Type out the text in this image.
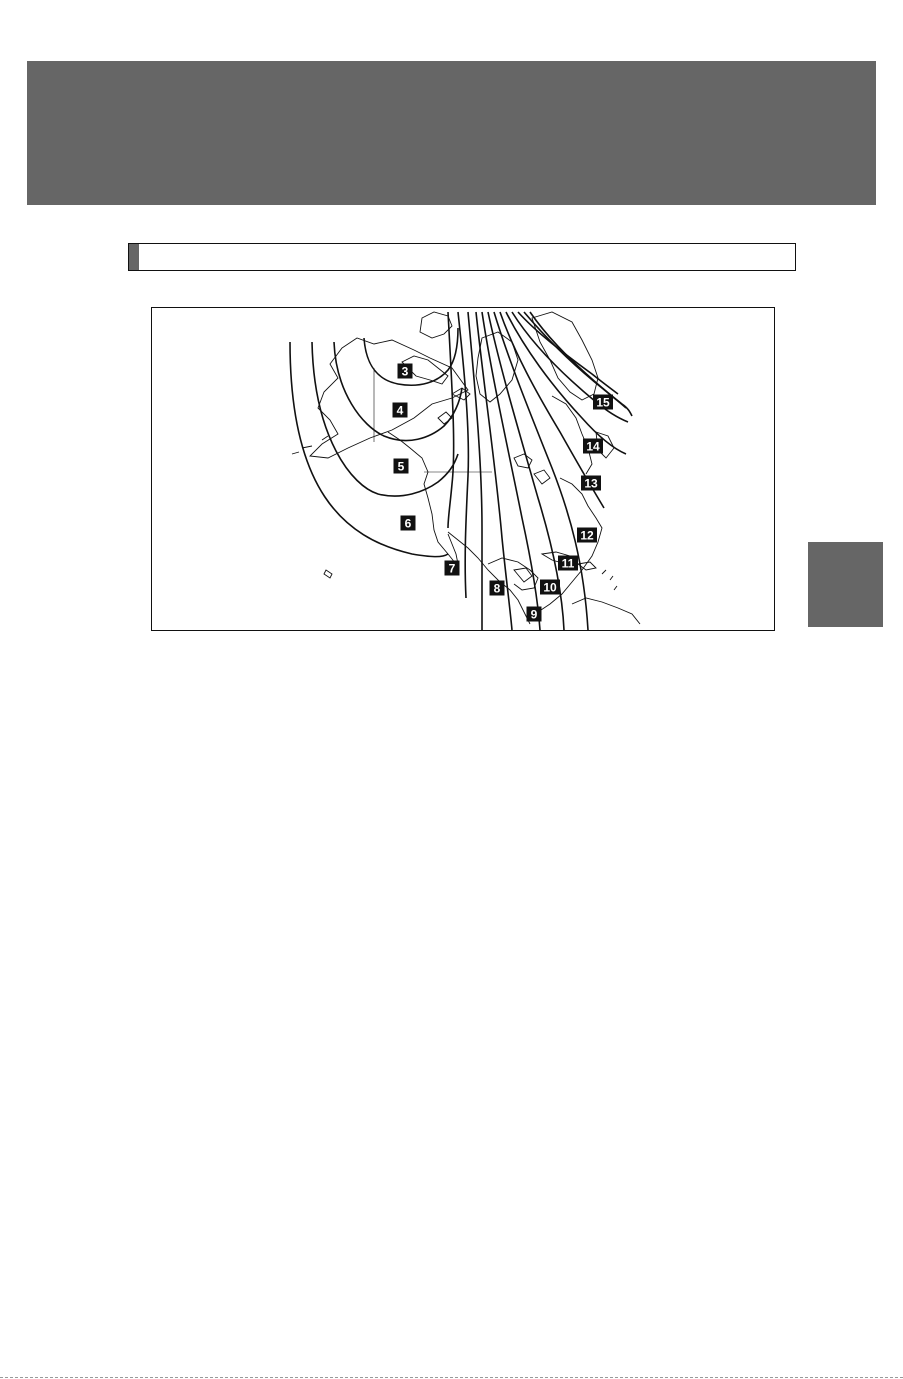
3
4
5
6
7
8
9
10
11
12
13
14
15
